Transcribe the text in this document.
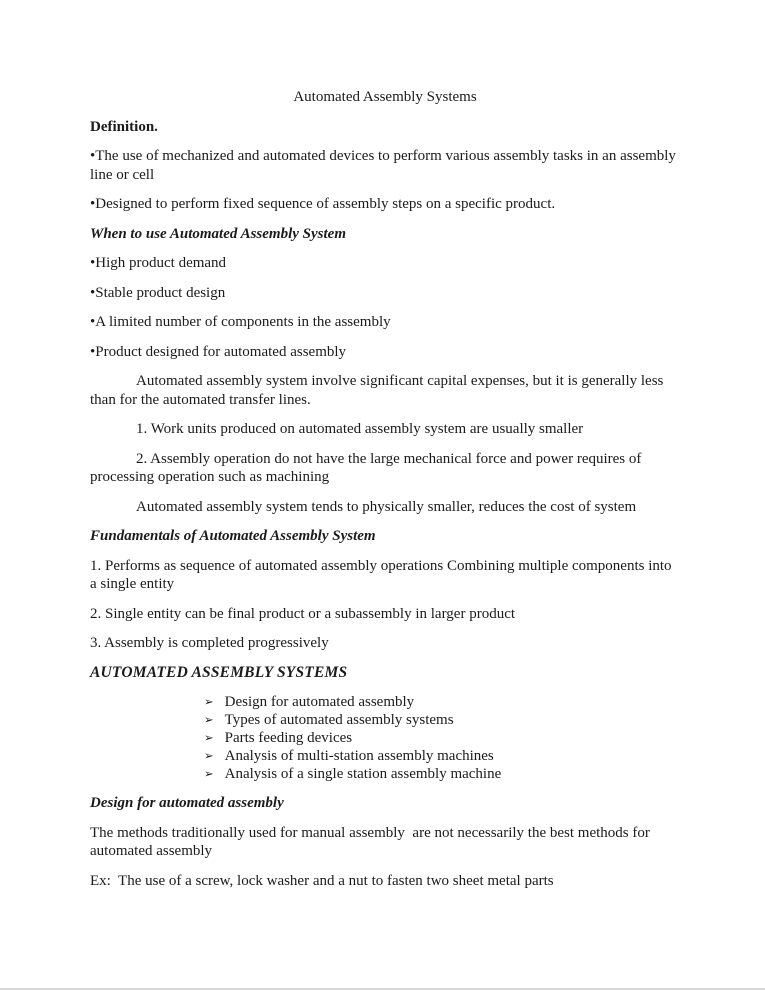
Automated Assembly Systems

Definition.

•The use of mechanized and automated devices to perform various assembly tasks in an assembly line or cell

•Designed to perform fixed sequence of assembly steps on a specific product.

When to use Automated Assembly System

•High product demand

•Stable product design

•A limited number of components in the assembly

•Product designed for automated assembly

Automated assembly system involve significant capital expenses, but it is generally less than for the automated transfer lines.

1. Work units produced on automated assembly system are usually smaller

2. Assembly operation do not have the large mechanical force and power requires of processing operation such as machining

Automated assembly system tends to physically smaller, reduces the cost of system

Fundamentals of Automated Assembly System

1. Performs as sequence of automated assembly operations Combining multiple components into a single entity

2. Single entity can be final product or a subassembly in larger product

3. Assembly is completed progressively

AUTOMATED ASSEMBLY SYSTEMS

➢ Design for automated assembly
➢ Types of automated assembly systems
➢ Parts feeding devices
➢ Analysis of multi-station assembly machines
➢ Analysis of a single station assembly machine

Design for automated assembly

The methods traditionally used for manual assembly  are not necessarily the best methods for automated assembly

Ex:  The use of a screw, lock washer and a nut to fasten two sheet metal parts
